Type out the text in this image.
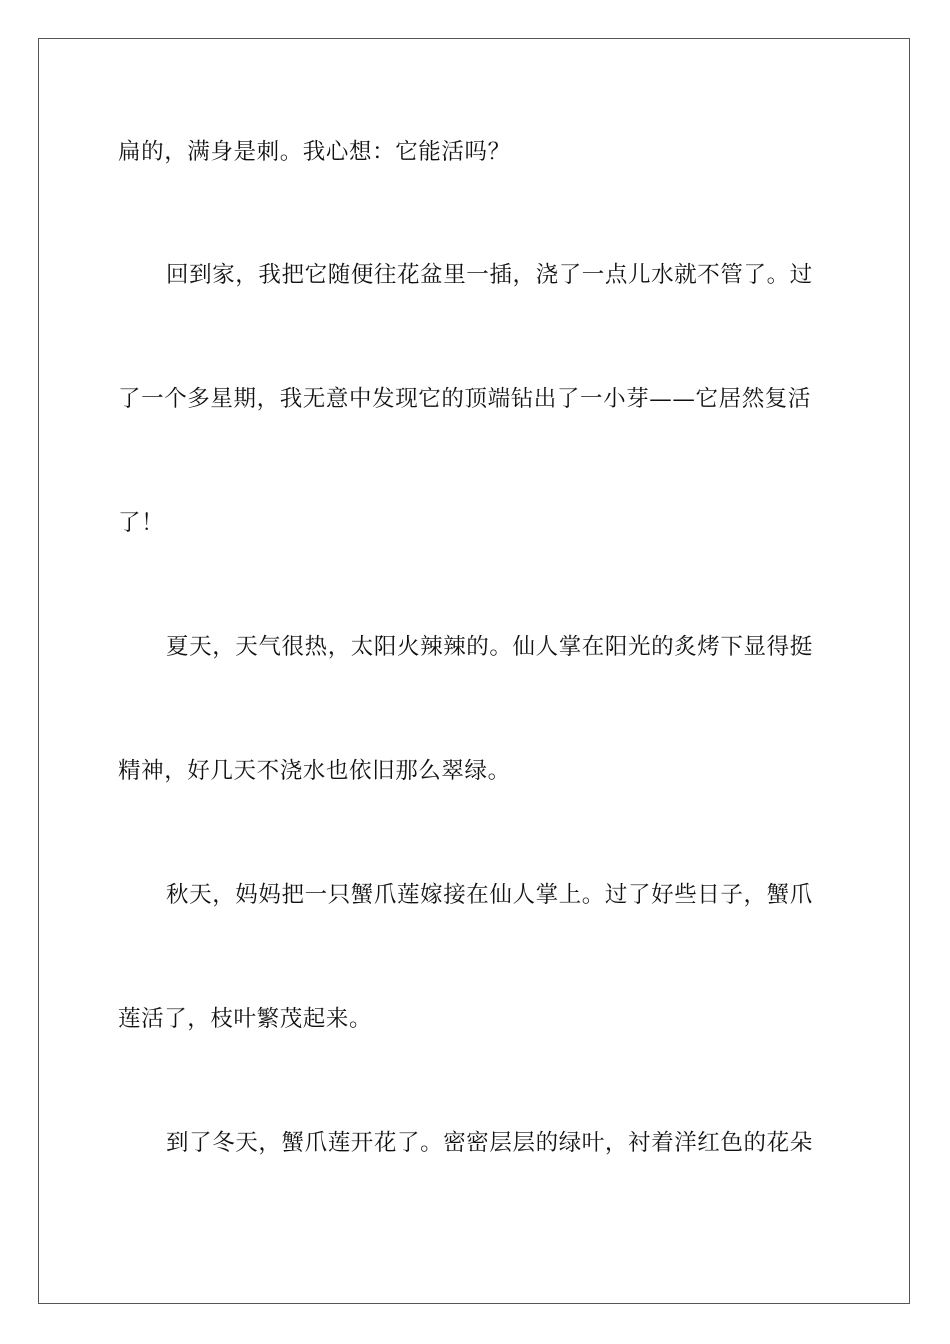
扁的，满身是刺。我心想：它能活吗？
回到家，我把它随便往花盆里一插，浇了一点儿水就不管了。过
了一个多星期，我无意中发现它的顶端钻出了一小芽——它居然复活
了！
夏天，天气很热，太阳火辣辣的。仙人掌在阳光的炙烤下显得挺
精神，好几天不浇水也依旧那么翠绿。
秋天，妈妈把一只蟹爪莲嫁接在仙人掌上。过了好些日子，蟹爪
莲活了，枝叶繁茂起来。
到了冬天，蟹爪莲开花了。密密层层的绿叶，衬着洋红色的花朵
